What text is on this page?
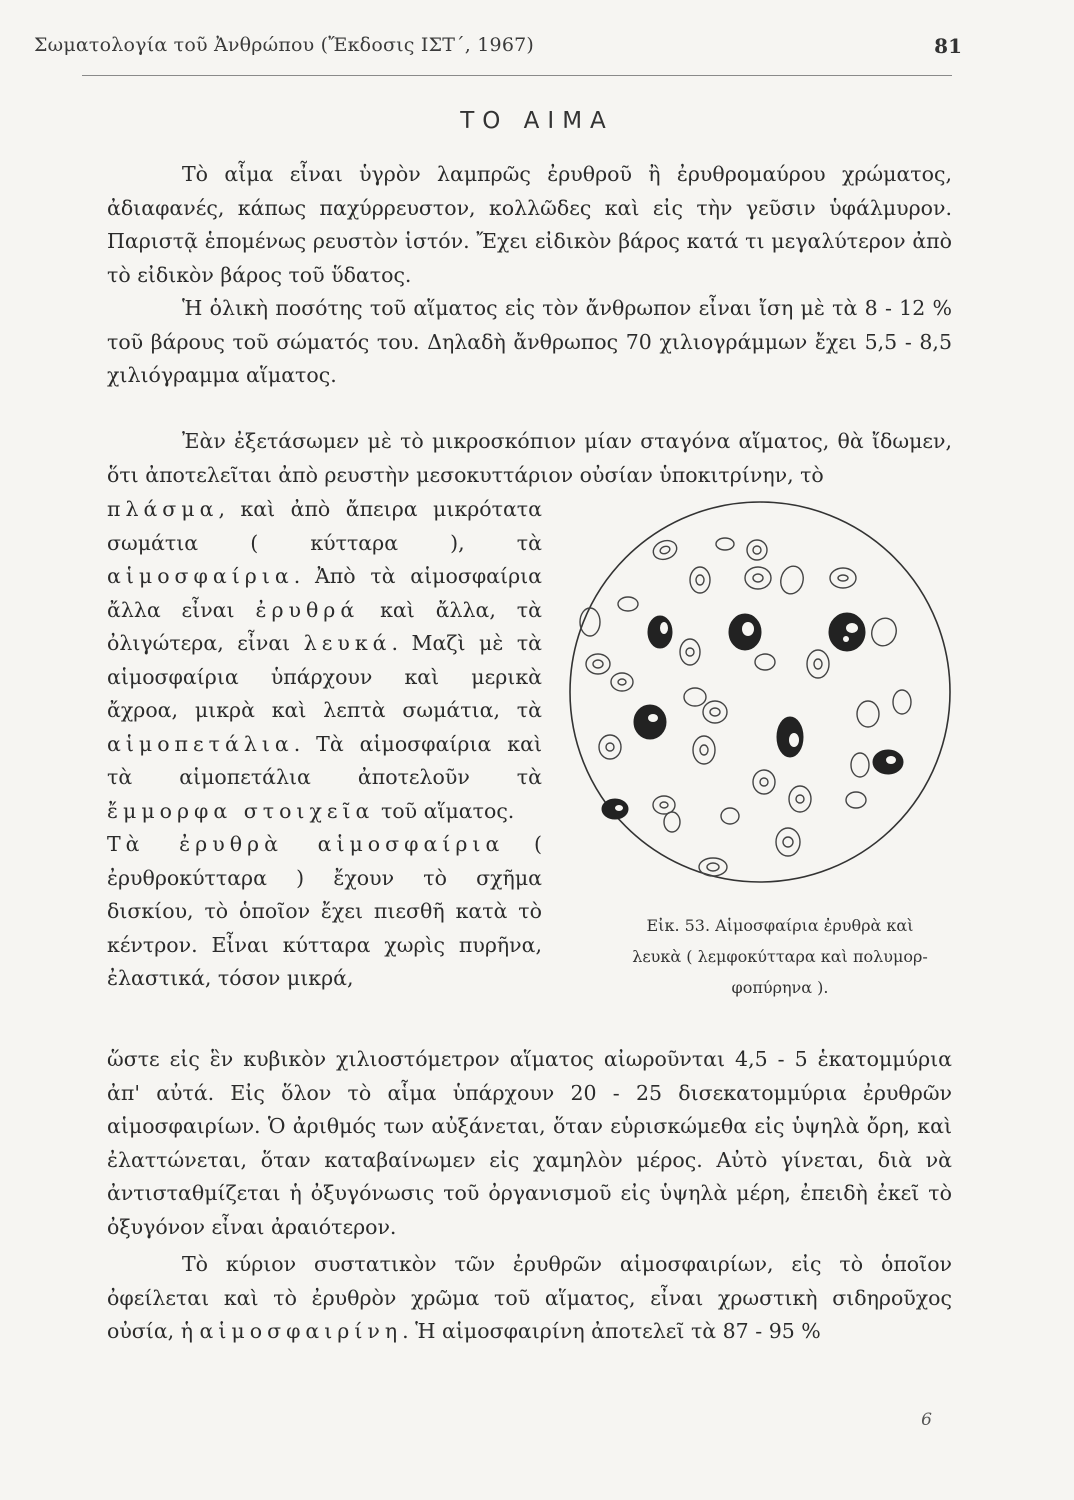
Σωματολογία τοῦ Ἀνθρώπου (Ἔκδοσις ΙΣΤ΄, 1967)	81
ΤΟ ΑΙΜΑ

Τὸ αἷμα εἶναι ὑγρὸν λαμπρῶς ἐρυθροῦ ἢ ἐρυθρομαύρου χρώματος, ἀδιαφανές, κάπως παχύρρευστον, κολλῶδες καὶ εἰς τὴν γεῦσιν ὑφάλμυρον. Παριστᾷ ἑπομένως ρευστὸν ἱστόν. Ἔχει εἰδικὸν βάρος κατά τι μεγαλύτερον ἀπὸ τὸ εἰδικὸν βάρος τοῦ ὕδατος.

Ἡ ὁλικὴ ποσότης τοῦ αἵματος εἰς τὸν ἄνθρωπον εἶναι ἴση μὲ τὰ 8 - 12 % τοῦ βάρους τοῦ σώματός του. Δηλαδὴ ἄνθρωπος 70 χιλιογράμμων ἔχει 5,5 - 8,5 χιλιόγραμμα αἵματος.

Ἐὰν ἐξετάσωμεν μὲ τὸ μικροσκόπιον μίαν σταγόνα αἵματος, θὰ ἴδωμεν, ὅτι ἀποτελεῖται ἀπὸ ρευστὴν μεσοκυττάριον οὐσίαν ὑποκιτρίνην, τὸ

πλάσμα, καὶ ἀπὸ ἄπειρα μικρότατα σωμάτια ( κύτταρα ), τὰ αἱμοσφαίρια. Ἀπὸ τὰ αἱμοσφαίρια ἄλλα εἶναι ἐρυθρά καὶ ἄλλα, τὰ ὀλιγώτερα, εἶναι λευκά. Μαζὶ μὲ τὰ αἱμοσφαίρια ὑπάρχουν καὶ μερικὰ ἄχροα, μικρὰ καὶ λεπτὰ σωμάτια, τὰ αἱμοπετάλια. Τὰ αἱμοσφαίρια καὶ τὰ αἱμοπετάλια ἀποτελοῦν τὰ ἔμμορφα στοιχεῖα τοῦ αἵματος.
Τὰ ἐρυθρὰ αἱμοσφαίρια ( ἐρυθροκύτταρα ) ἔχουν τὸ σχῆμα δισκίου, τὸ ὁποῖον ἔχει πιεσθῆ κατὰ τὸ κέντρον. Εἶναι κύτταρα χωρὶς πυρῆνα, ἐλαστικά, τόσον μικρά,

Εἰκ. 53. Αἱμοσφαίρια ἐρυθρὰ καὶ
λευκὰ ( λεμφοκύτταρα καὶ πολυμορ-
φοπύρηνα ).

ὥστε εἰς ἓν κυβικὸν χιλιοστόμετρον αἵματος αἰωροῦνται 4,5 - 5 ἑκατομμύρια ἀπ' αὐτά. Εἰς ὅλον τὸ αἷμα ὑπάρχουν 20 - 25 δισεκατομμύρια ἐρυθρῶν αἱμοσφαιρίων. Ὁ ἀριθμός των αὐξάνεται, ὅταν εὑρισκώμεθα εἰς ὑψηλὰ ὄρη, καὶ ἐλαττώνεται, ὅταν καταβαίνωμεν εἰς χαμηλὸν μέρος. Αὐτὸ γίνεται, διὰ νὰ ἀντισταθμίζεται ἡ ὀξυγόνωσις τοῦ ὀργανισμοῦ εἰς ὑψηλὰ μέρη, ἐπειδὴ ἐκεῖ τὸ ὀξυγόνον εἶναι ἀραιότερον.

Τὸ κύριον συστατικὸν τῶν ἐρυθρῶν αἱμοσφαιρίων, εἰς τὸ ὁποῖον ὀφείλεται καὶ τὸ ἐρυθρὸν χρῶμα τοῦ αἵματος, εἶναι χρωστικὴ σιδηροῦχος οὐσία, ἡ αἱμοσφαιρίνη. Ἡ αἱμοσφαιρίνη ἀποτελεῖ τὰ 87 - 95 %

6
